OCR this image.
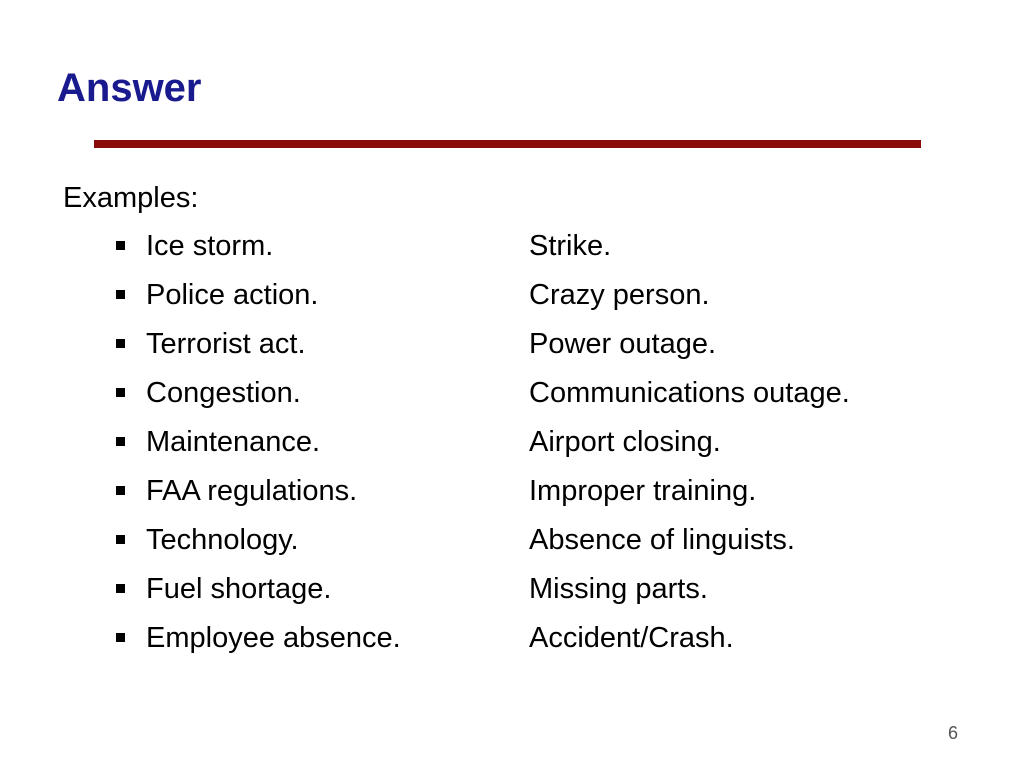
Answer
Examples:
Ice storm.	Strike.
Police action.	Crazy person.
Terrorist act.	Power outage.
Congestion.	Communications outage.
Maintenance.	Airport closing.
FAA regulations.	Improper training.
Technology.	Absence of linguists.
Fuel shortage.	Missing parts.
Employee absence.	Accident/Crash.
6
